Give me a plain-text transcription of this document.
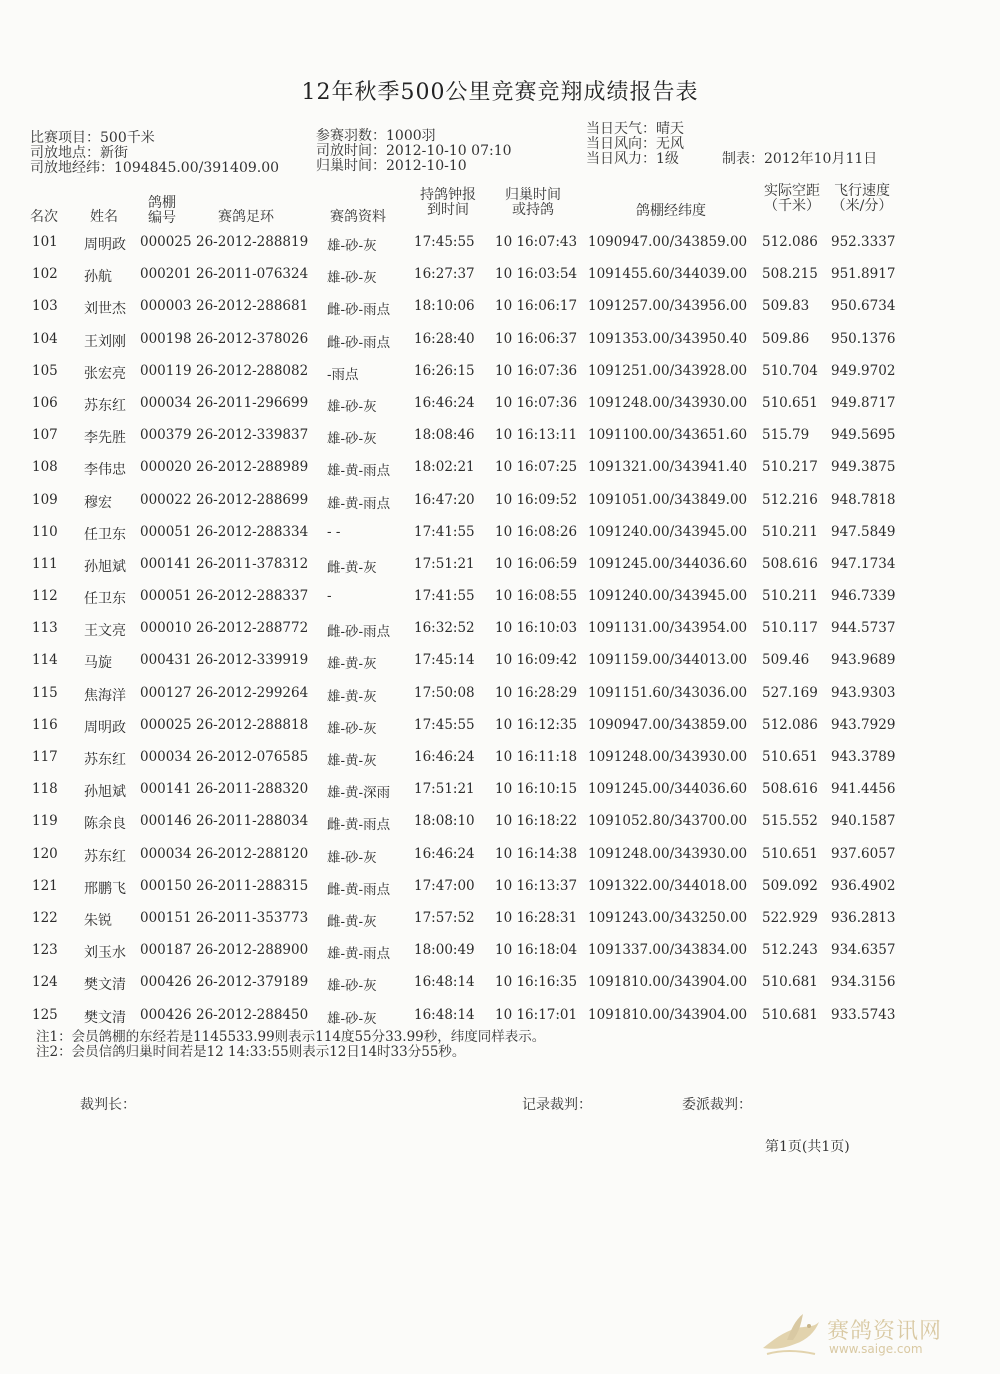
12年秋季500公里竞赛竞翔成绩报告表
比赛项目：500千米
司放地点：新街
司放地经纬：1094845.00/391409.00
参赛羽数：1000羽
司放时间：2012-10-10 07:10
归巢时间：2012-10-10
当日天气：晴天
当日风向：无风
当日风力：1级	制表：2012年10月11日
名次 姓名
鸽棚编号	赛鸽足环	赛鸽资料
持鸽钟报到时间
归巢时间或持鸽	鸽棚经纬度
实际空距（千米）
飞行速度（米/分）
101 周明政 000025 26-2012-288819 雄-砂-灰	17:45:55 10 16:07:43 1090947.00/343859.00 512.086 952.3337
102 孙航 000201 26-2011-076324 雄-砂-灰	16:27:37 10 16:03:54 1091455.60/344039.00 508.215 951.8917
103 刘世杰 000003 26-2012-288681 雌-砂-雨点 18:10:06 10 16:06:17 1091257.00/343956.00 509.83 950.6734
104 王刘刚 000198 26-2012-378026 雌-砂-雨点 16:28:40 10 16:06:37 1091353.00/343950.40 509.86 950.1376
105 张宏亮 000119 26-2012-288082 -雨点	16:26:15 10 16:07:36 1091251.00/343928.00 510.704 949.9702
106 苏东红 000034 26-2011-296699 雄-砂-灰	16:46:24 10 16:07:36 1091248.00/343930.00 510.651 949.8717
107 李先胜 000379 26-2012-339837 雄-砂-灰	18:08:46 10 16:13:11 1091100.00/343651.60 515.79 949.5695
108 李伟忠 000020 26-2012-288989 雄-黄-雨点 18:02:21 10 16:07:25 1091321.00/343941.40 510.217 949.3875
109 穆宏 000022 26-2012-288699 雄-黄-雨点 16:47:20 10 16:09:52 1091051.00/343849.00 512.216 948.7818
110 任卫东 000051 26-2012-288334 - -	17:41:55 10 16:08:26 1091240.00/343945.00 510.211 947.5849
111 孙旭斌 000141 26-2011-378312 雌-黄-灰	17:51:21 10 16:06:59 1091245.00/344036.60 508.616 947.1734
112 任卫东 000051 26-2012-288337 -	17:41:55 10 16:08:55 1091240.00/343945.00 510.211 946.7339
113 王文亮 000010 26-2012-288772 雌-砂-雨点 16:32:52 10 16:10:03 1091131.00/343954.00 510.117 944.5737
114 马旋 000431 26-2012-339919 雄-黄-灰	17:45:14 10 16:09:42 1091159.00/344013.00 509.46 943.9689
115 焦海洋 000127 26-2012-299264 雄-黄-灰	17:50:08 10 16:28:29 1091151.60/343036.00 527.169 943.9303
116 周明政 000025 26-2012-288818 雄-砂-灰	17:45:55 10 16:12:35 1090947.00/343859.00 512.086 943.7929
117 苏东红 000034 26-2012-076585 雄-黄-灰	16:46:24 10 16:11:18 1091248.00/343930.00 510.651 943.3789
118 孙旭斌 000141 26-2011-288320 雄-黄-深雨 17:51:21 10 16:10:15 1091245.00/344036.60 508.616 941.4456
119 陈余良 000146 26-2011-288034 雌-黄-雨点 18:08:10 10 16:18:22 1091052.80/343700.00 515.552 940.1587
120 苏东红 000034 26-2012-288120 雄-砂-灰	16:46:24 10 16:14:38 1091248.00/343930.00 510.651 937.6057
121 邢鹏飞 000150 26-2011-288315 雌-黄-雨点 17:47:00 10 16:13:37 1091322.00/344018.00 509.092 936.4902
122 朱锐 000151 26-2011-353773 雌-黄-灰	17:57:52 10 16:28:31 1091243.00/343250.00 522.929 936.2813
123 刘玉水 000187 26-2012-288900 雄-黄-雨点 18:00:49 10 16:18:04 1091337.00/343834.00 512.243 934.6357
124 樊文清 000426 26-2012-379189 雄-砂-灰	16:48:14 10 16:16:35 1091810.00/343904.00 510.681 934.3156
125 樊文清 000426 26-2012-288450 雄-砂-灰	16:48:14 10 16:17:01 1091810.00/343904.00 510.681 933.5743
注1：会员鸽棚的东经若是1145533.99则表示114度55分33.99秒，纬度同样表示。
注2：会员信鸽归巢时间若是12 14:33:55则表示12日14时33分55秒。
裁判长：	记录裁判：	委派裁判：
第1页(共1页)
赛鸽资讯网
www.saige.com
